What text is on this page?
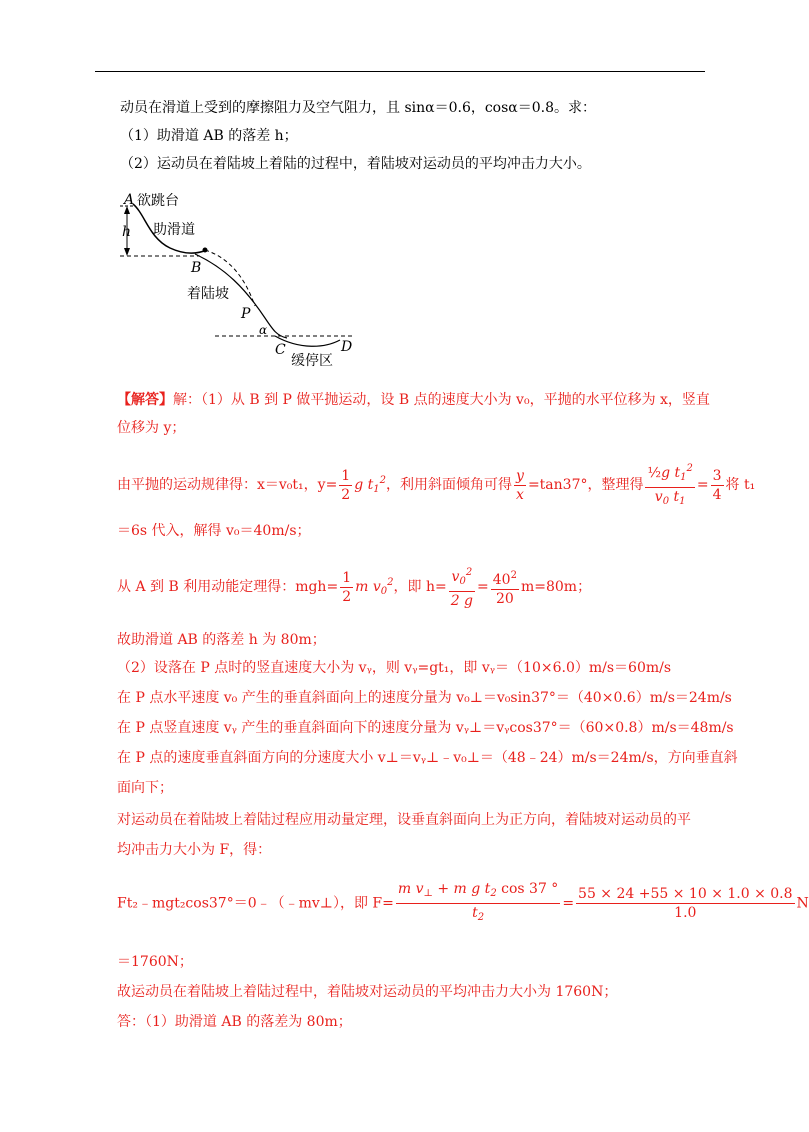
动员在滑道上受到的摩擦阻力及空气阻力，且 sinα＝0.6，cosα＝0.8。求：
（1）助滑道 AB 的落差 h；
（2）运动员在着陆坡上着陆的过程中，着陆坡对运动员的平均冲击力大小。
A 欲跳台
h 助滑道
B
着陆坡
P
α
C
缓停区
D
【解答】解：（1）从 B 到 P 做平抛运动，设 B 点的速度大小为 v₀，平抛的水平位移为 x，竖直
位移为 y；
由平抛的运动规律得：x＝v₀t₁，$y= \frac{1}{2}$ g $t_1^2$，利用斜面倾角可得 $\frac{y}{x} =\tan 37^\circ$，整理得 $\frac{\frac{1}{2}g t_1^2}{v_0 t_1} = \frac{3}{4}$ 将 t₁
＝6s 代入，解得 v₀＝40m/s；
从 A 到 B 利用动能定理得：$mgh= \frac{1}{2}$ m $v_0^2$，即 $h= \frac{v_0^2}{2 g} = \frac{40^2}{20} m=80m$；
故助滑道 AB 的落差 h 为 80m；
（2）设落在 P 点时的竖直速度大小为 vᵧ，则 vᵧ=gt₁，即 vᵧ＝（10×6.0）m/s＝60m/s
在 P 点水平速度 v₀ 产生的垂直斜面向上的速度分量为 v₀⊥＝v₀sin37°＝（40×0.6）m/s＝24m/s
在 P 点竖直速度 vᵧ 产生的垂直斜面向下的速度分量为 vᵧ⊥＝vᵧcos37°＝（60×0.8）m/s＝48m/s
在 P 点的速度垂直斜面方向的分速度大小 v⊥＝vᵧ⊥﹣v₀⊥＝（48﹣24）m/s＝24m/s，方向垂直斜
面向下；
对运动员在着陆坡上着陆过程应用动量定理，设垂直斜面向上为正方向，着陆坡对运动员的平
均冲击力大小为 F，得：
Ft₂﹣mgt₂cos37°＝0﹣（﹣mv⊥），即 $F= \frac{m v_\perp + m g t_2 \cos 37 ^\circ}{t_2} = \frac{55 \times 24 +55 \times 10 \times 1.0 \times 0.8}{1.0}$ N
＝1760N；
故运动员在着陆坡上着陆过程中，着陆坡对运动员的平均冲击力大小为 1760N；
答：（1）助滑道 AB 的落差为 80m；
